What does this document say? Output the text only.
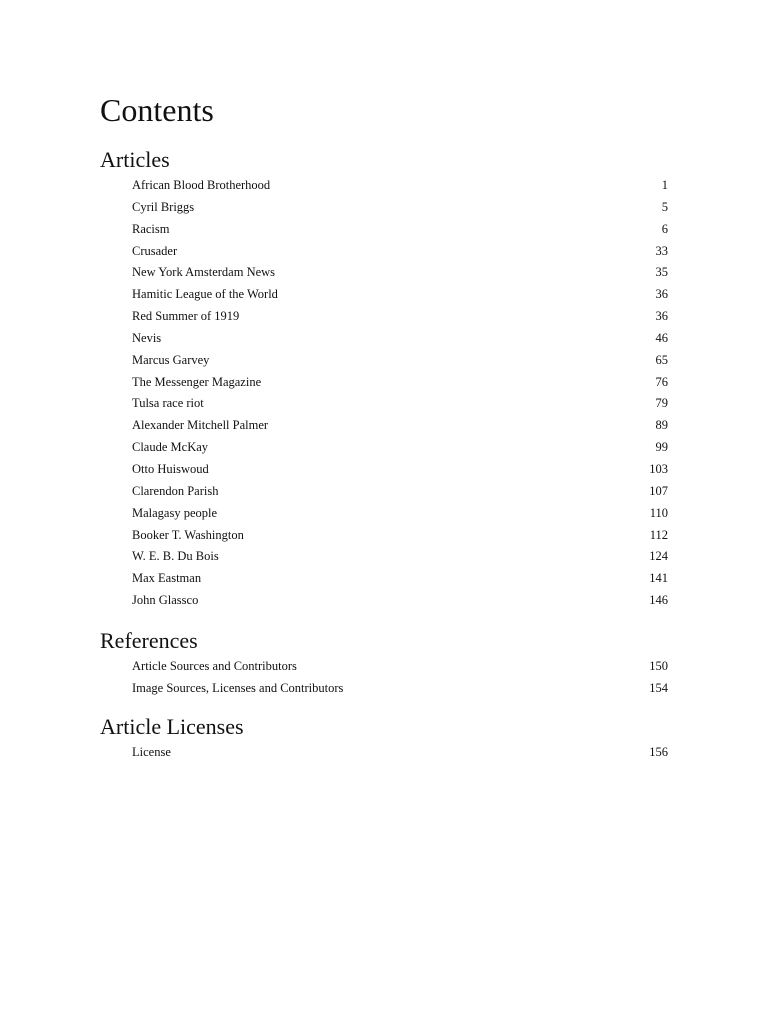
Contents
Articles
African Blood Brotherhood	1
Cyril Briggs	5
Racism	6
Crusader	33
New York Amsterdam News	35
Hamitic League of the World	36
Red Summer of 1919	36
Nevis	46
Marcus Garvey	65
The Messenger Magazine	76
Tulsa race riot	79
Alexander Mitchell Palmer	89
Claude McKay	99
Otto Huiswoud	103
Clarendon Parish	107
Malagasy people	110
Booker T. Washington	112
W. E. B. Du Bois	124
Max Eastman	141
John Glassco	146
References
Article Sources and Contributors	150
Image Sources, Licenses and Contributors	154
Article Licenses
License	156
